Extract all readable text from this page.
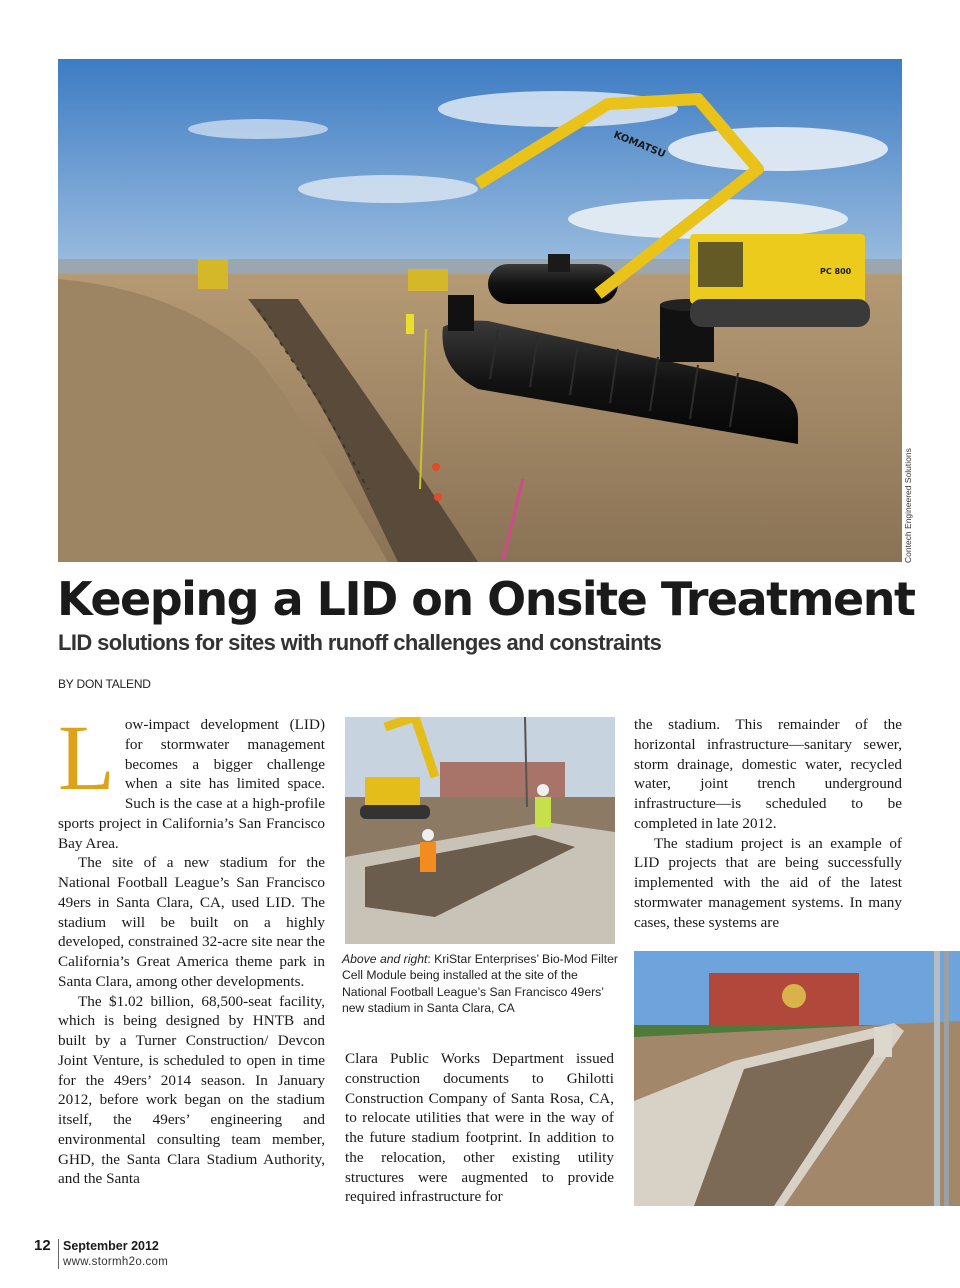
KOMATSU
PC 800
Contech Engineered Solutions
Keeping a LID on Onsite Treatment
LID solutions for sites with runoff challenges and constraints
BY DON TALEND

Low-impact development (LID) for stormwater management becomes a bigger challenge when a site has limited space. Such is the case at a high-profile sports project in California’s San Francisco Bay Area.

The site of a new stadium for the National Football League’s San Francisco 49ers in Santa Clara, CA, used LID. The stadium will be built on a highly developed, constrained 32-acre site near the California’s Great America theme park in Santa Clara, among other developments.

The $1.02 billion, 68,500-seat facility, which is being designed by HNTB and built by a Turner Construction/ Devcon Joint Venture, is scheduled to open in time for the 49ers’ 2014 season. In January 2012, before work began on the stadium itself, the 49ers’ engineering and environmental consulting team member, GHD, the Santa Clara Stadium Authority, and the Santa

Above and right: KriStar Enterprises’ Bio-Mod Filter Cell Module being installed at the site of the National Football League’s San Francisco 49ers’ new stadium in Santa Clara, CA

Clara Public Works Department issued construction documents to Ghilotti Construction Company of Santa Rosa, CA, to relocate utilities that were in the way of the future stadium footprint. In addition to the relocation, other existing utility structures were augmented to provide required infrastructure for

the stadium. This remainder of the horizontal infrastructure—sanitary sewer, storm drainage, domestic water, recycled water, joint trench underground infrastructure—is scheduled to be completed in late 2012.

The stadium project is an example of LID projects that are being successfully implemented with the aid of the latest stormwater management systems. In many cases, these systems are

12 September 2012
www.stormh2o.com
